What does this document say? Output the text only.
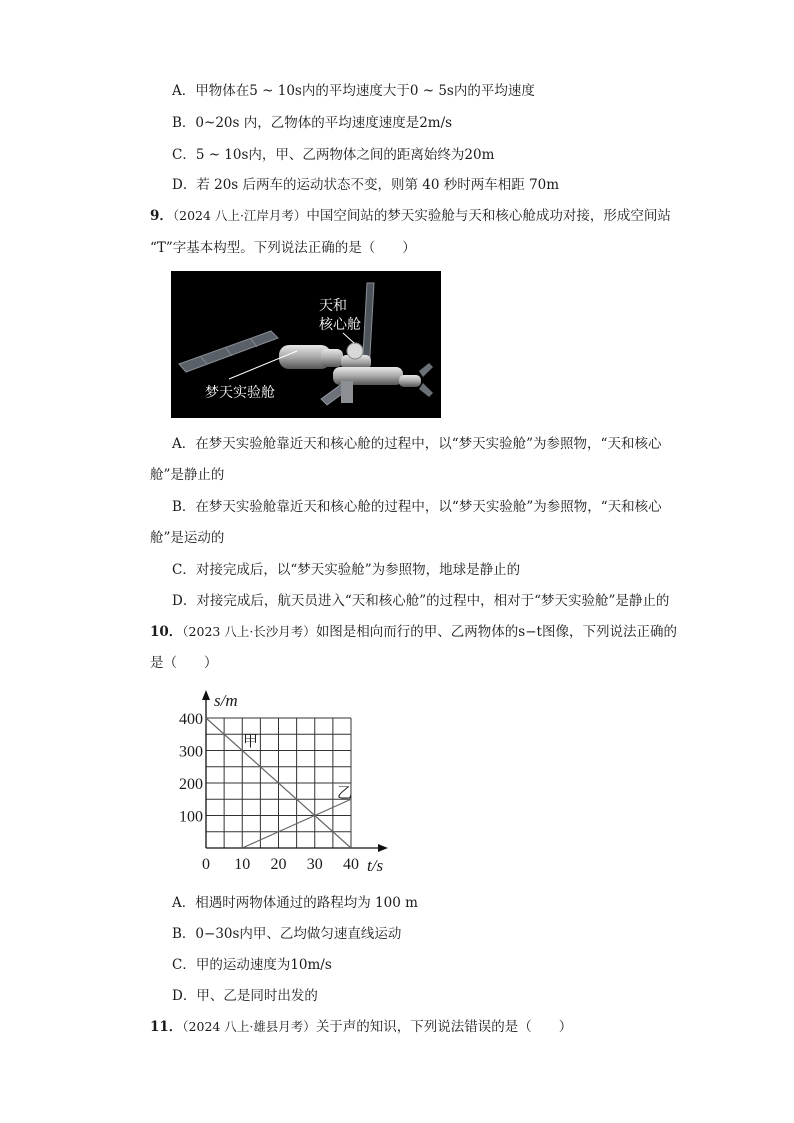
A．甲物体在5 ~ 10s内的平均速度大于0 ~ 5s内的平均速度
B．0~20s 内，乙物体的平均速度速度是2m/s
C．5 ~ 10s内，甲、乙两物体之间的距离始终为20m
D．若 20s 后两车的运动状态不变，则第 40 秒时两车相距 70m
9．（2024 八上·江岸月考）中国空间站的梦天实验舱与天和核心舱成功对接，形成空间站
“T”字基本构型。下列说法正确的是（　　）
天和
核心舱
梦天实验舱
A．在梦天实验舱靠近天和核心舱的过程中，以“梦天实验舱”为参照物，“天和核心
舱”是静止的
B．在梦天实验舱靠近天和核心舱的过程中，以“梦天实验舱”为参照物，“天和核心
舱”是运动的
C．对接完成后，以“梦天实验舱”为参照物，地球是静止的
D．对接完成后，航天员进入“天和核心舱”的过程中，相对于“梦天实验舱”是静止的
10．（2023 八上·长沙月考）如图是相向而行的甲、乙两物体的s−t图像，下列说法正确的
是（　　）
甲
乙
0 10 20 30 40
100
200
300
400
t/s
s/m
A．相遇时两物体通过的路程均为 100 m
B．0−30s内甲、乙均做匀速直线运动
C．甲的运动速度为10m/s
D．甲、乙是同时出发的
11．（2024 八上·雄县月考）关于声的知识，下列说法错误的是（　　）
